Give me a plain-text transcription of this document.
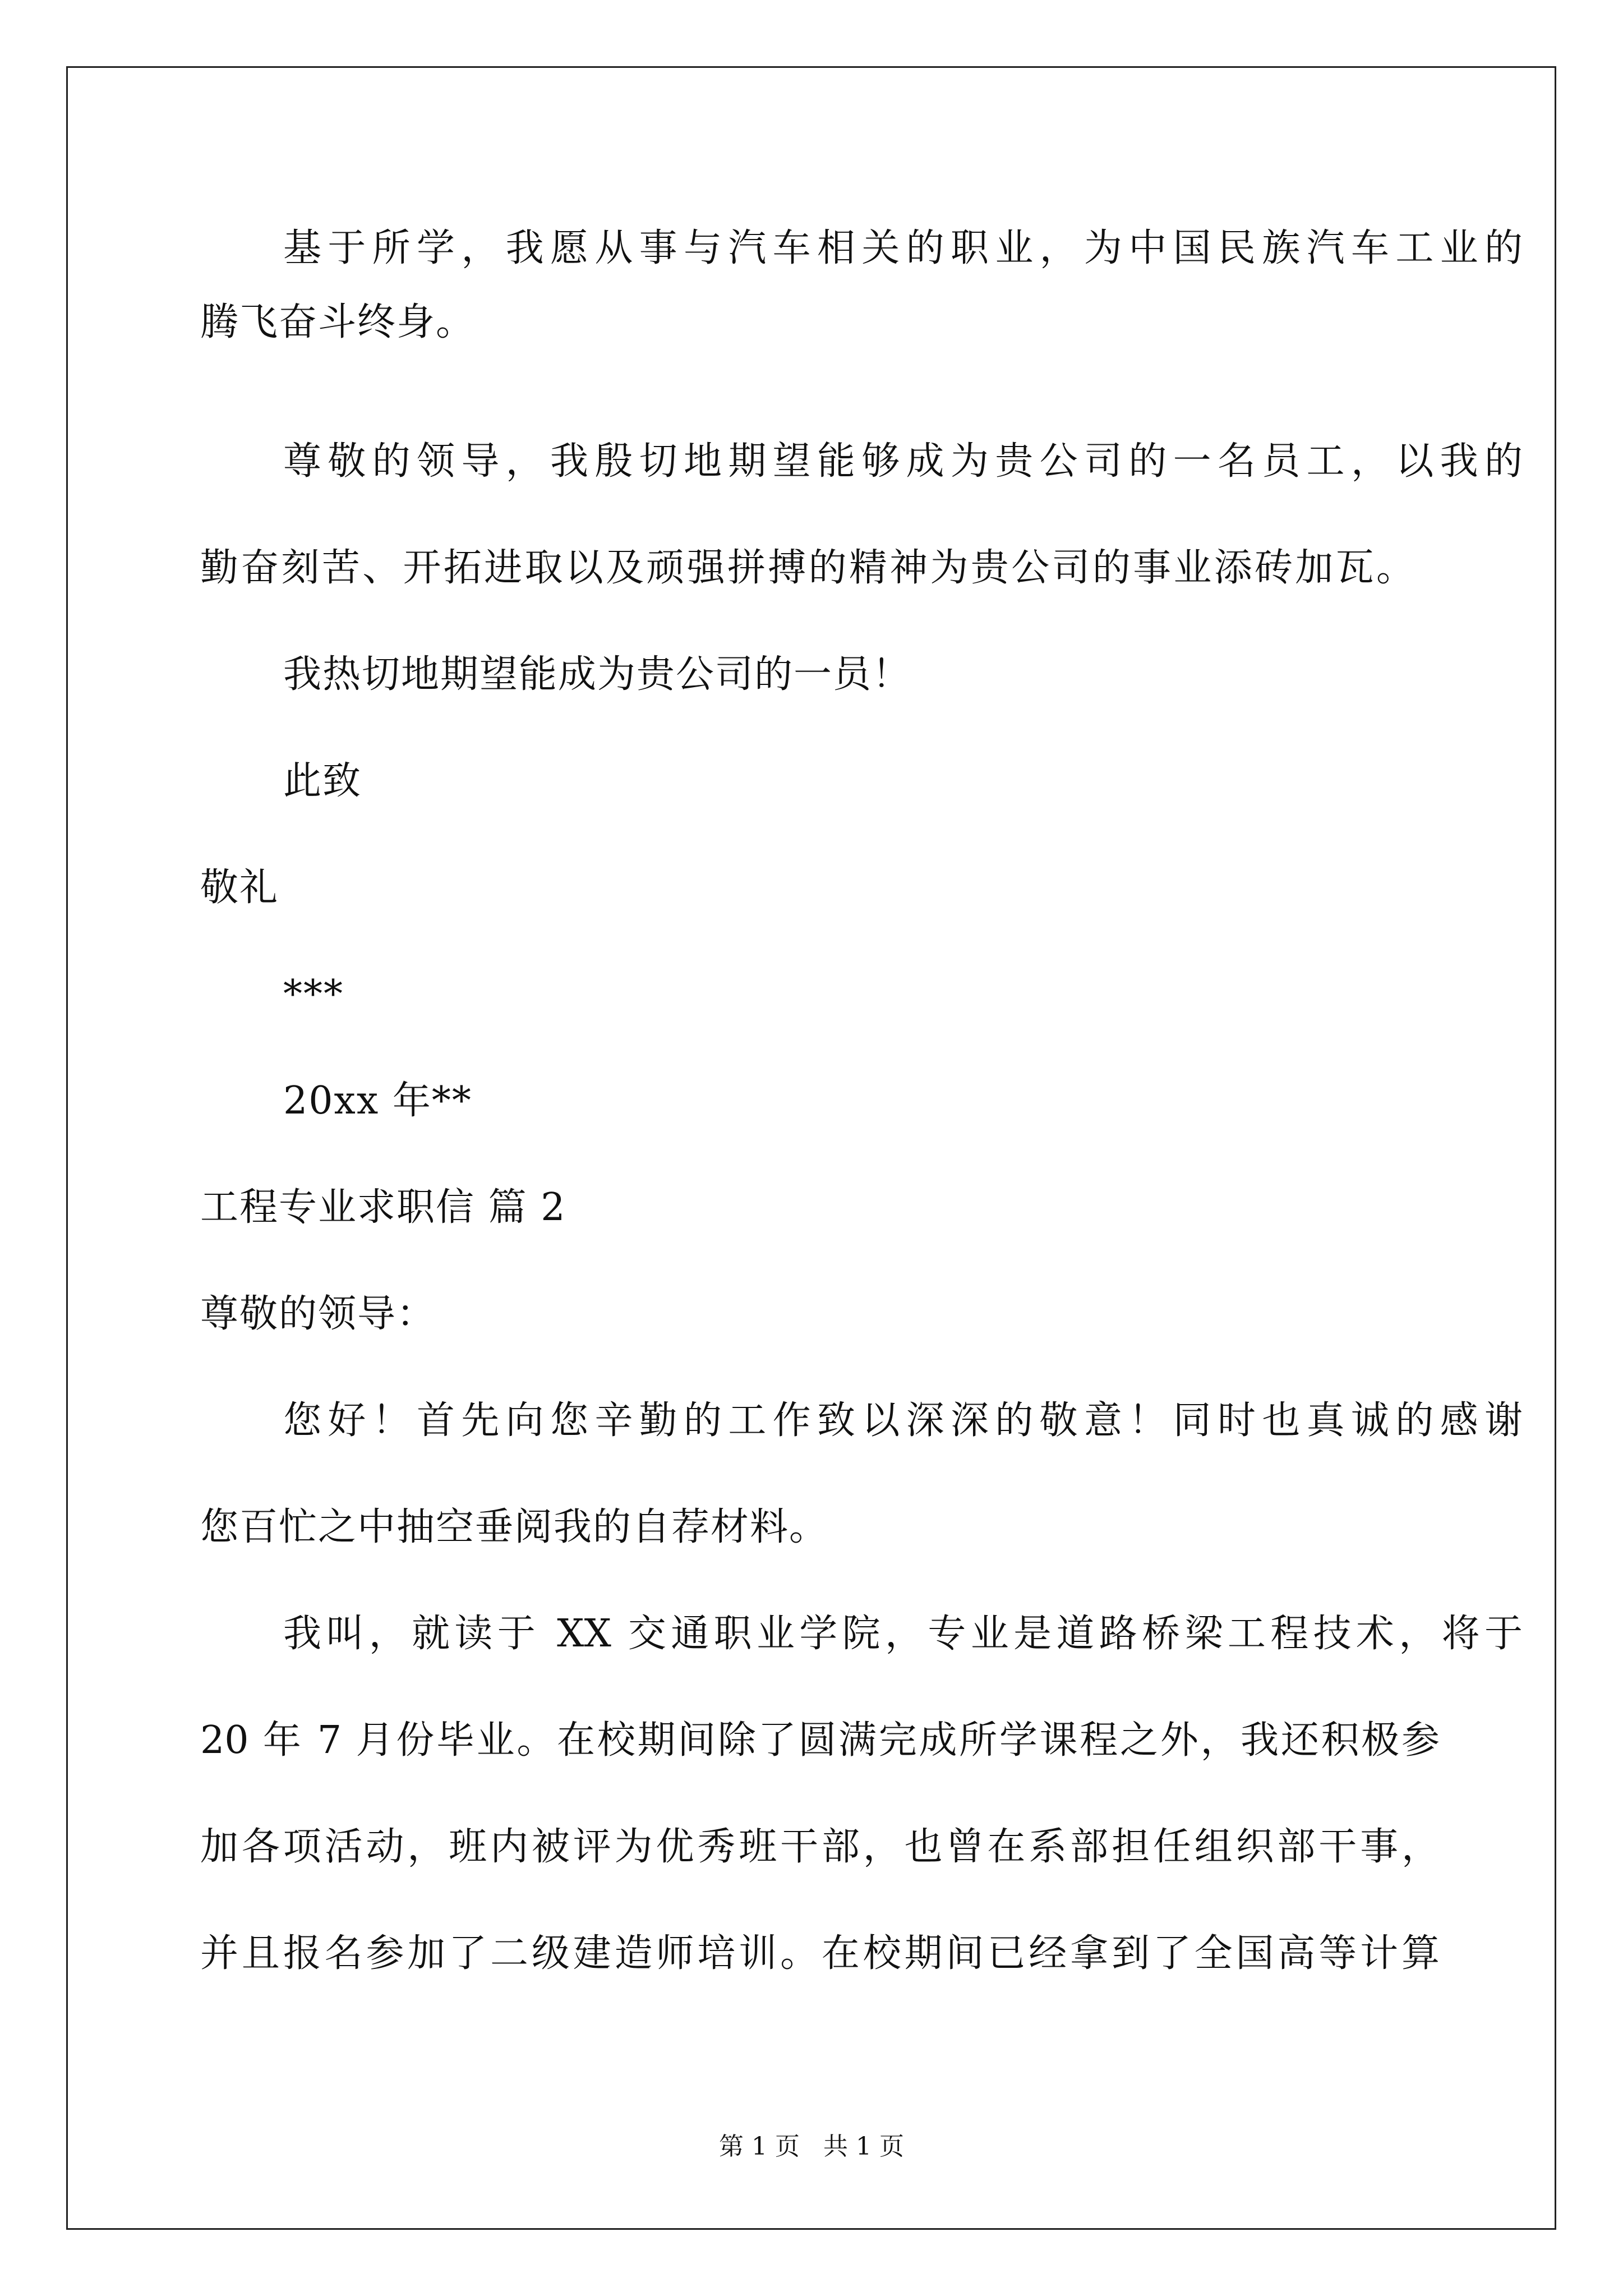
基于所学，我愿从事与汽车相关的职业，为中国民族汽车工业的
腾飞奋斗终身。
尊敬的领导，我殷切地期望能够成为贵公司的一名员工，以我的
勤奋刻苦、开拓进取以及顽强拼搏的精神为贵公司的事业添砖加瓦。
我热切地期望能成为贵公司的一员！
此致
敬礼
***
20xx 年**
工程专业求职信 篇 2
尊敬的领导：
您好！首先向您辛勤的工作致以深深的敬意！同时也真诚的感谢
您百忙之中抽空垂阅我的自荐材料。
我叫，就读于 XX 交通职业学院，专业是道路桥梁工程技术，将于
20 年 7 月份毕业。在校期间除了圆满完成所学课程之外，我还积极参
加各项活动，班内被评为优秀班干部，也曾在系部担任组织部干事，
并且报名参加了二级建造师培训。在校期间已经拿到了全国高等计算
第 1 页   共 1 页
